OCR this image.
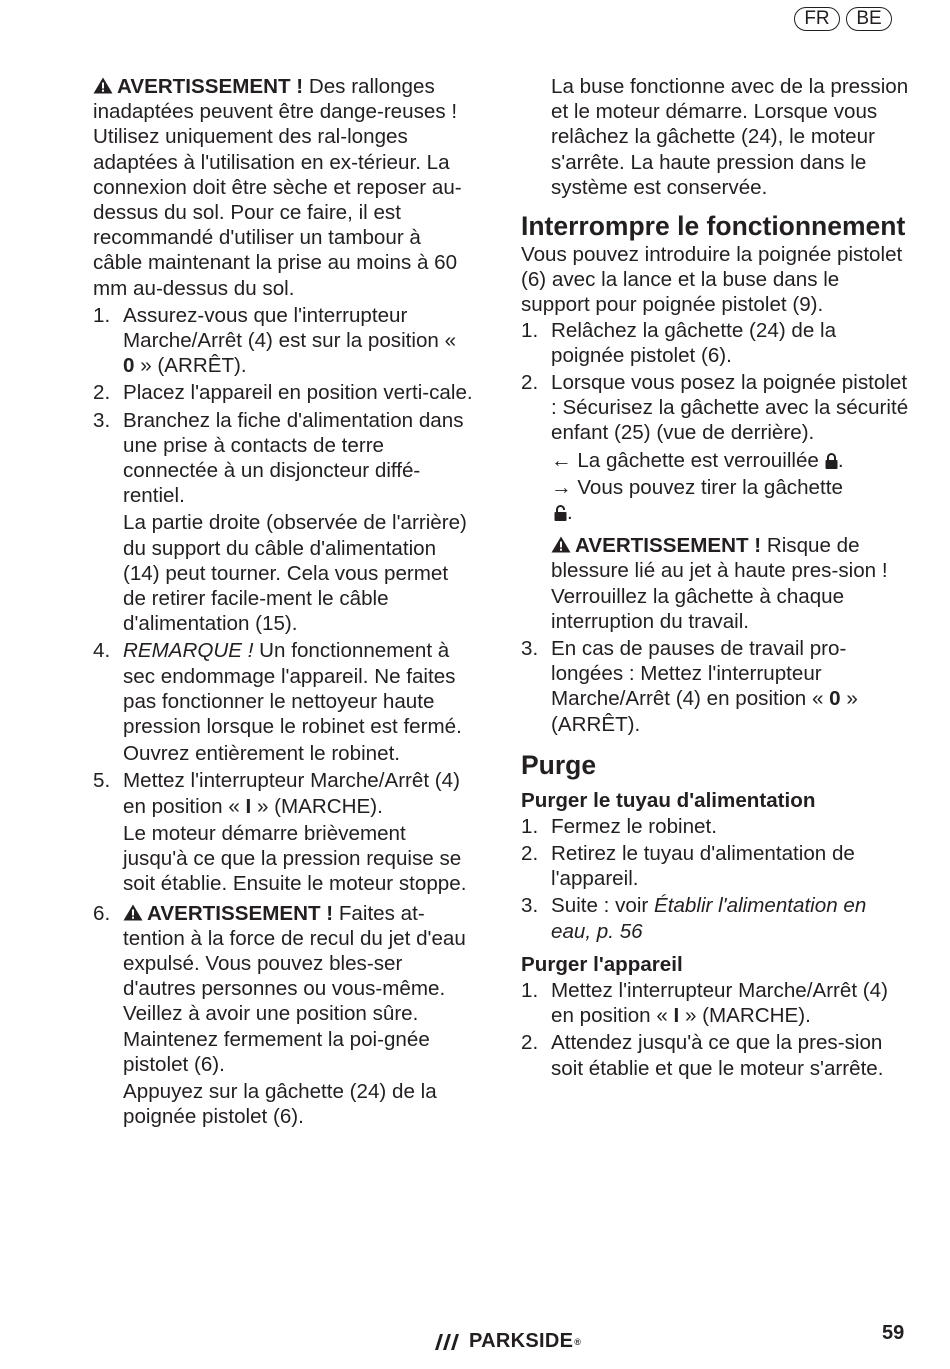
FR	BE

AVERTISSEMENT ! Des rallonges inadaptées peuvent être dange-reuses ! Utilisez uniquement des ral-longes adaptées à l'utilisation en ex-térieur. La connexion doit être sèche et reposer au-dessus du sol. Pour ce faire, il est recommandé d'utiliser un tambour à câble maintenant la prise au moins à 60 mm au-dessus du sol.

1. Assurez-vous que l'interrupteur Marche/Arrêt (4) est sur la position « 0 » (ARRÊT).
2. Placez l'appareil en position verti-cale.
3. Branchez la fiche d'alimentation dans une prise à contacts de terre connectée à un disjoncteur diffé-rentiel.
La partie droite (observée de l'arrière) du support du câble d'alimentation (14) peut tourner. Cela vous permet de retirer facile-ment le câble d'alimentation (15).
4. REMARQUE ! Un fonctionnement à sec endommage l'appareil. Ne faites pas fonctionner le nettoyeur haute pression lorsque le robinet est fermé.
Ouvrez entièrement le robinet.
5. Mettez l'interrupteur Marche/Arrêt (4) en position « I » (MARCHE).
Le moteur démarre brièvement jusqu'à ce que la pression requise se soit établie. Ensuite le moteur stoppe.
6.	AVERTISSEMENT ! Faites at-tention à la force de recul du jet d'eau expulsé. Vous pouvez bles-ser d'autres personnes ou vous-même. Veillez à avoir une position sûre. Maintenez fermement la poi-gnée pistolet (6).
Appuyez sur la gâchette (24) de la poignée pistolet (6).

La buse fonctionne avec de la pression et le moteur démarre. Lorsque vous relâchez la gâchette (24), le moteur s'arrête. La haute pression dans le système est conservée.

Interrompre le fonctionnement

Vous pouvez introduire la poignée pistolet (6) avec la lance et la buse dans le support pour poignée pistolet (9).

1. Relâchez la gâchette (24) de la poignée pistolet (6).
2. Lorsque vous posez la poignée pistolet : Sécurisez la gâchette avec la sécurité enfant (25) (vue de derrière).
← La gâchette est verrouillée .
→ Vous pouvez tirer la gâchette
.
AVERTISSEMENT ! Risque de blessure lié au jet à haute pres-sion ! Verrouillez la gâchette à chaque interruption du travail.
3. En cas de pauses de travail pro-longées : Mettez l'interrupteur Marche/Arrêt (4) en position « 0 » (ARRÊT).
Purge
Purger le tuyau d'alimentation
1. Fermez le robinet.
2. Retirez le tuyau d'alimentation de l'appareil.
3. Suite : voir Établir l'alimentation en eau, p. 56
Purger l'appareil
1. Mettez l'interrupteur Marche/Arrêt (4) en position « I » (MARCHE).
2. Attendez jusqu'à ce que la pres-sion soit établie et que le moteur s'arrête.
PARKSIDE ®	59
